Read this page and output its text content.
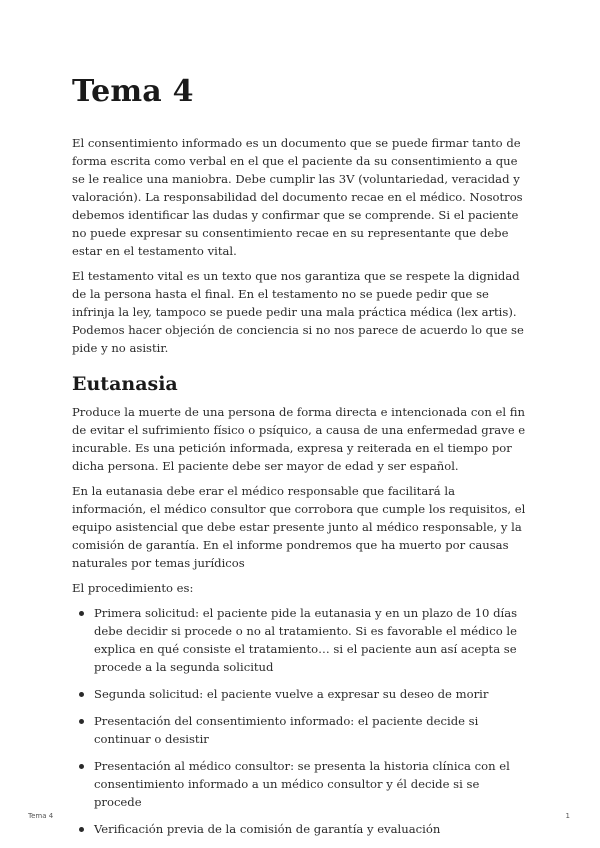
Tema 4

El consentimiento informado es un documento que se puede firmar tanto de forma escrita como verbal en el que el paciente da su consentimiento a que se le realice una maniobra. Debe cumplir las 3V (voluntariedad, veracidad y valoración). La responsabilidad del documento recae en el médico. Nosotros debemos identificar las dudas y confirmar que se comprende. Si el paciente no puede expresar su consentimiento recae en su representante que debe estar en el testamento vital.

El testamento vital es un texto que nos garantiza que se respete la dignidad de la persona hasta el final. En el testamento no se puede pedir que se infrinja la ley, tampoco se puede pedir una mala práctica médica (lex artis). Podemos hacer objeción de conciencia si no nos parece de acuerdo lo que se pide y no asistir.

Eutanasia

Produce la muerte de una persona de forma directa e intencionada con el fin de evitar el sufrimiento físico o psíquico, a causa de una enfermedad grave e incurable. Es una petición informada, expresa y reiterada en el tiempo por dicha persona. El paciente debe ser mayor de edad y ser español.

En la eutanasia debe erar el médico responsable que facilitará la información, el médico consultor que corrobora que cumple los requisitos, el equipo asistencial que debe estar presente junto al médico responsable, y la comisión de garantía. En el informe pondremos que ha muerto por causas naturales por temas jurídicos

El procedimiento es:

Primera solicitud: el paciente pide la eutanasia y en un plazo de 10 días debe decidir si procede o no al tratamiento. Si es favorable el médico le explica en qué consiste el tratamiento… si el paciente aun así acepta se procede a la segunda solicitud
Segunda solicitud: el paciente vuelve a expresar su deseo de morir
Presentación del consentimiento informado: el paciente decide si continuar o desistir
Presentación al médico consultor: se presenta la historia clínica con el consentimiento informado a un médico consultor y él decide si se procede
Verificación previa de la comisión de garantía y evaluación
Tema 4	1
